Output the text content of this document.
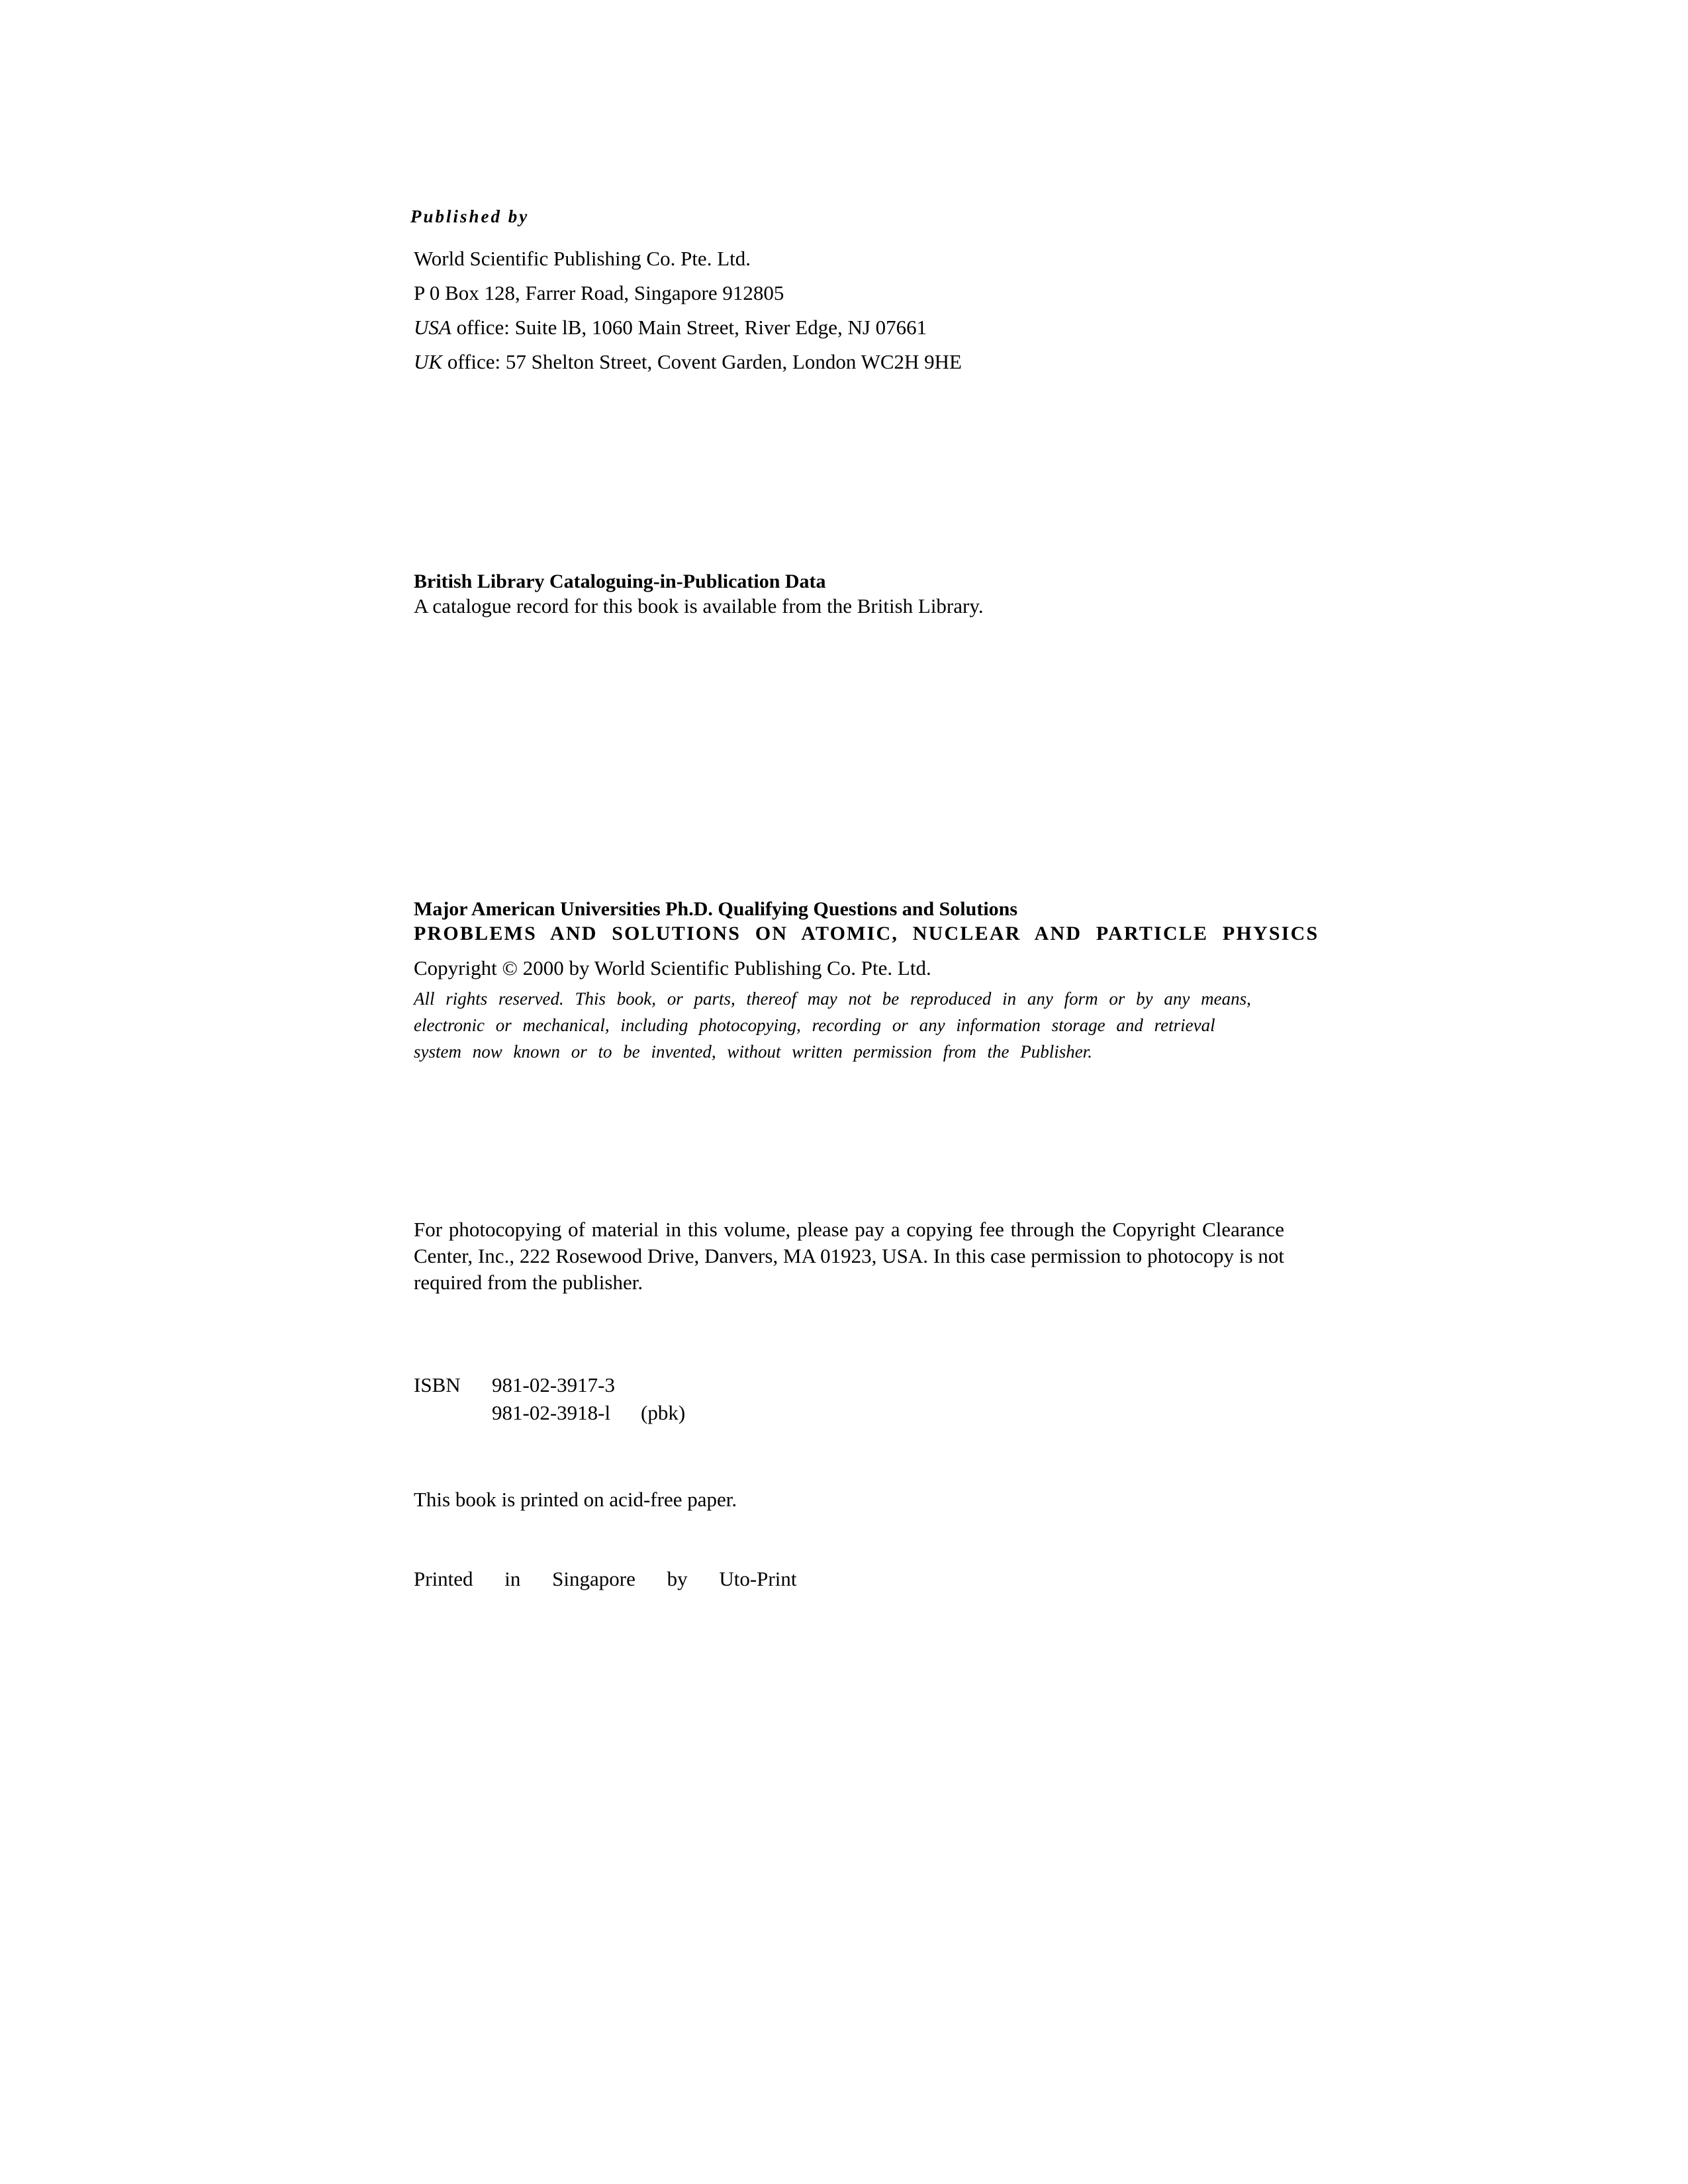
Published by
World Scientific Publishing Co. Pte. Ltd.
P 0 Box 128, Farrer Road, Singapore 912805
USA office: Suite lB, 1060 Main Street, River Edge, NJ 07661
UK office: 57 Shelton Street, Covent Garden, London WC2H 9HE
British Library Cataloguing-in-Publication Data
A catalogue record for this book is available from the British Library.
Major American Universities Ph.D. Qualifying Questions and Solutions
PROBLEMS AND SOLUTIONS ON ATOMIC, NUCLEAR AND PARTICLE PHYSICS
Copyright © 2000 by World Scientific Publishing Co. Pte. Ltd.
All rights reserved. This book, or parts, thereof may not be reproduced in any form or by any means,
electronic or mechanical, including photocopying, recording or any information storage and retrieval
system now known or to be invented, without written permission from the Publisher.
For photocopying of material in this volume, please pay a copying fee through the Copyright Clearance Center, Inc., 222 Rosewood Drive, Danvers, MA 01923, USA. In this case permission to photocopy is not required from the publisher.
ISBN	981-02-3917-3
981-02-3918-l	(pbk)
This book is printed on acid-free paper.
Printed in Singapore by Uto-Print
